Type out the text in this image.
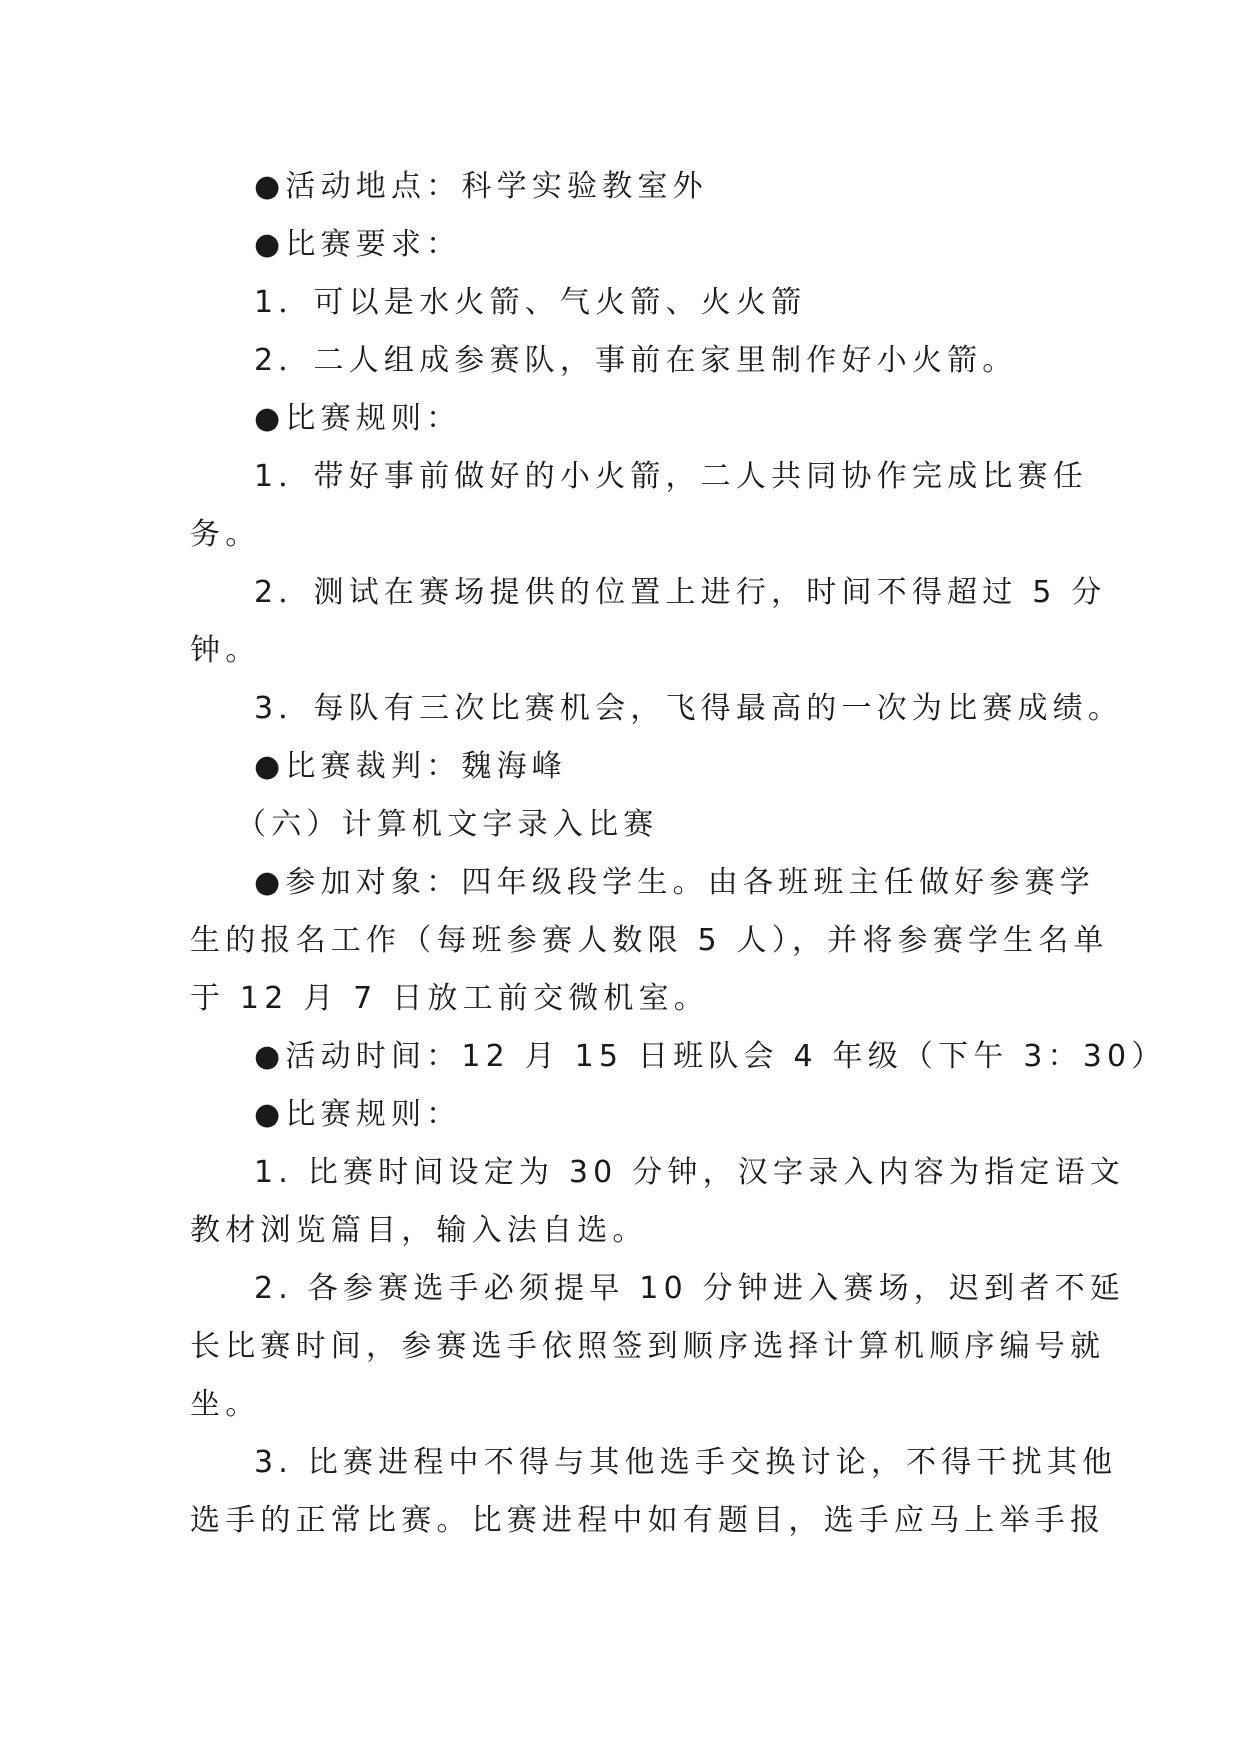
●活动地点：科学实验教室外
●比赛要求：
1．可以是水火箭、气火箭、火火箭
2．二人组成参赛队，事前在家里制作好小火箭。
●比赛规则：
1．带好事前做好的小火箭，二人共同协作完成比赛任
务。
2．测试在赛场提供的位置上进行，时间不得超过 5 分
钟。
3．每队有三次比赛机会，飞得最高的一次为比赛成绩。
●比赛裁判：魏海峰
（六）计算机文字录入比赛
●参加对象：四年级段学生。由各班班主任做好参赛学
生的报名工作（每班参赛人数限 5 人），并将参赛学生名单
于 12 月 7 日放工前交微机室。
●活动时间：12 月 15 日班队会 4 年级（下午 3：30）
●比赛规则：
1. 比赛时间设定为 30 分钟，汉字录入内容为指定语文
教材浏览篇目，输入法自选。
2. 各参赛选手必须提早 10 分钟进入赛场，迟到者不延
长比赛时间，参赛选手依照签到顺序选择计算机顺序编号就
坐。
3. 比赛进程中不得与其他选手交换讨论，不得干扰其他
选手的正常比赛。比赛进程中如有题目，选手应马上举手报
